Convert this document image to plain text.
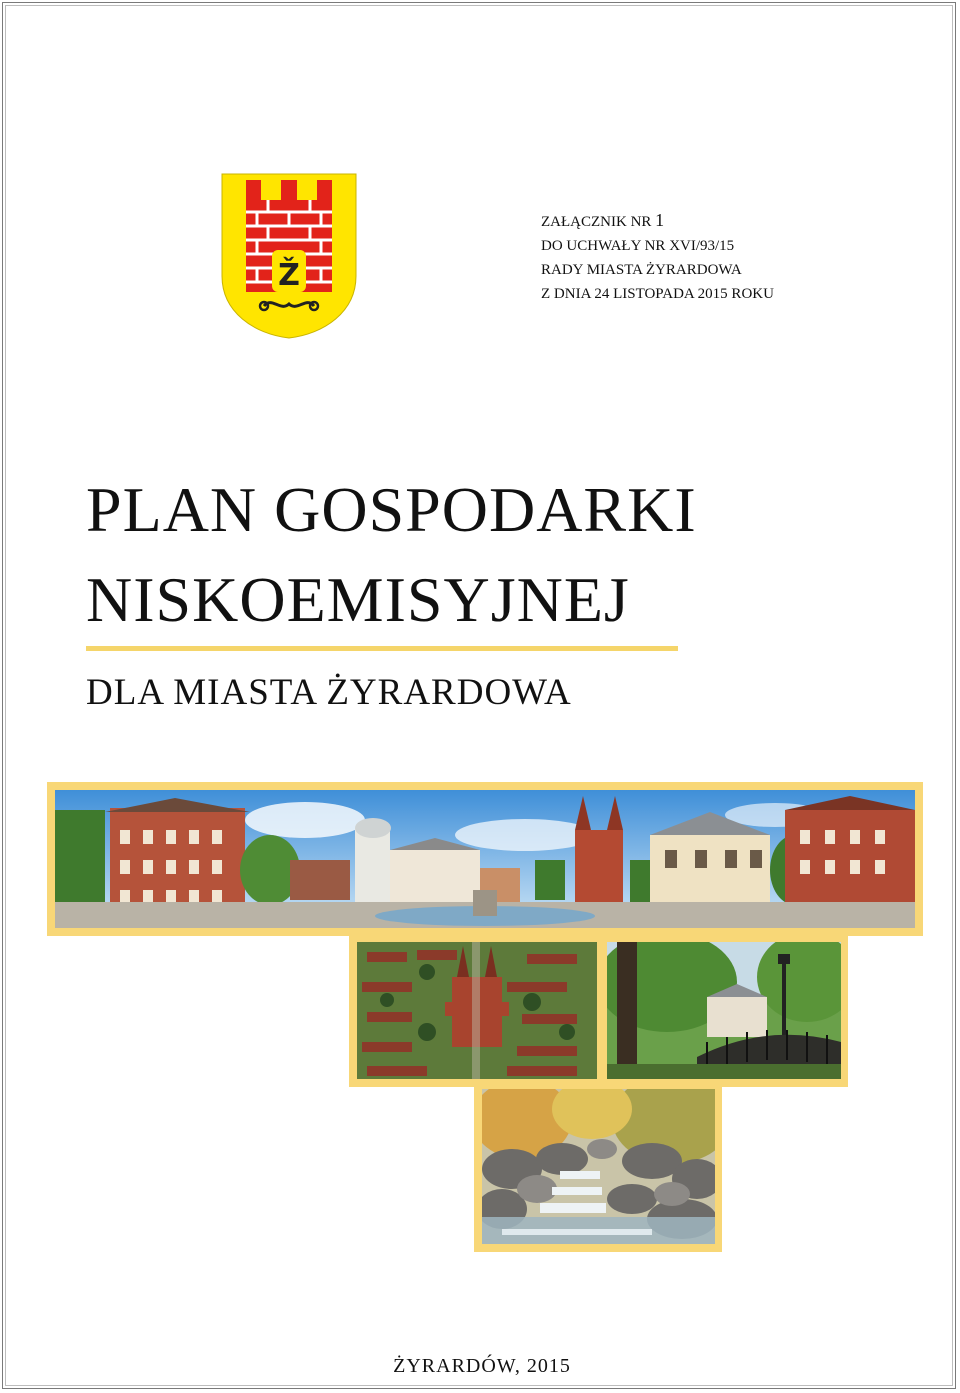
Ž
ZAŁĄCZNIK NR 1
DO UCHWAŁY NR XVI/93/15
RADY MIASTA ŻYRARDOWA
Z DNIA 24 LISTOPADA 2015 ROKU
PLAN GOSPODARKI
NISKOEMISYJNEJ
DLA MIASTA ŻYRARDOWA
ŻYRARDÓW, 2015
